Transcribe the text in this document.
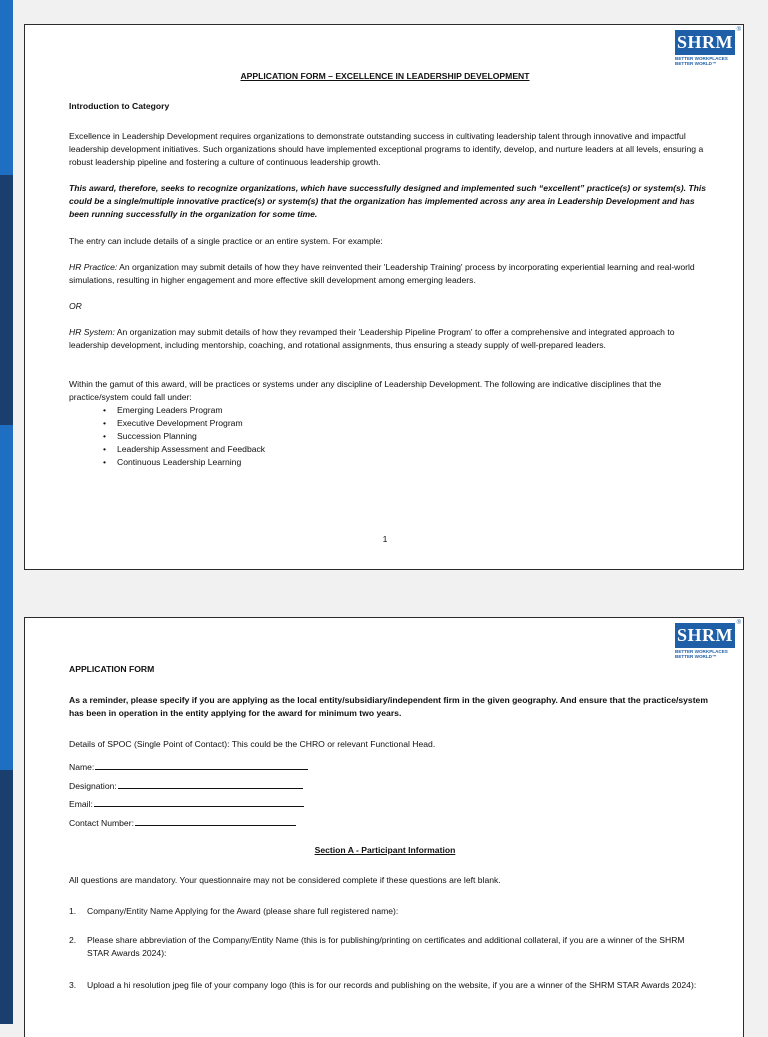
SHRM
®
BETTER WORKPLACES BETTER WORLD™

APPLICATION FORM – EXCELLENCE IN LEADERSHIP DEVELOPMENT

Introduction to Category

Excellence in Leadership Development requires organizations to demonstrate outstanding success in cultivating leadership talent through innovative and impactful leadership development initiatives. Such organizations should have implemented exceptional programs to identify, develop, and nurture leaders at all levels, ensuring a robust leadership pipeline and fostering a culture of continuous leadership growth.

This award, therefore, seeks to recognize organizations, which have successfully designed and implemented such “excellent” practice(s) or system(s). This could be a single/multiple innovative practice(s) or system(s) that the organization has implemented across any area in Leadership Development and has been running successfully in the organization for some time.

The entry can include details of a single practice or an entire system. For example:

HR Practice: An organization may submit details of how they have reinvented their 'Leadership Training' process by incorporating experiential learning and real-world simulations, resulting in higher engagement and more effective skill development among emerging leaders.

OR

HR System: An organization may submit details of how they revamped their 'Leadership Pipeline Program' to offer a comprehensive and integrated approach to leadership development, including mentorship, coaching, and rotational assignments, thus ensuring a steady supply of well-prepared leaders.

Within the gamut of this award, will be practices or systems under any discipline of Leadership Development. The following are indicative disciplines that the practice/system could fall under:

• Emerging Leaders Program
• Executive Development Program
• Succession Planning
• Leadership Assessment and Feedback
• Continuous Leadership Learning

1

SHRM
®
BETTER WORKPLACES BETTER WORLD™

APPLICATION FORM

As a reminder, please specify if you are applying as the local entity/subsidiary/independent firm in the given geography. And ensure that the practice/system has been in operation in the entity applying for the award for minimum two years.

Details of SPOC (Single Point of Contact): This could be the CHRO or relevant Functional Head.

Name:
Designation:
Email:
Contact Number:

Section A - Participant Information

All questions are mandatory. Your questionnaire may not be considered complete if these questions are left blank.

1.	Company/Entity Name Applying for the Award (please share full registered name):
2.	Please share abbreviation of the Company/Entity Name (this is for publishing/printing on certificates and additional collateral, if you are a winner of the SHRM STAR Awards 2024):
3.	Upload a hi resolution jpeg file of your company logo (this is for our records and publishing on the website, if you are a winner of the SHRM STAR Awards 2024):
